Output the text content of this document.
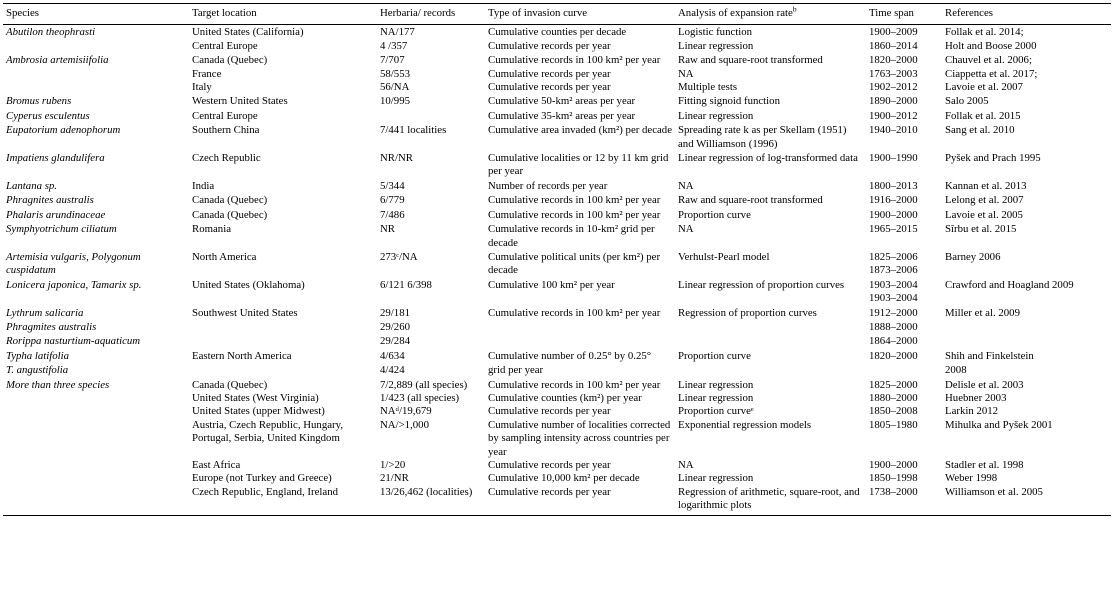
Species	Target location	Herbaria/ records	Type of invasion curve	Analysis of expansion rate$^b$	Time span	References
Abutilon theophrasti	United States (California)	NA/177	Cumulative counties per decade	Logistic function	1900–2009	Follak et al. 2014;
	Central Europe	4 /357	Cumulative records per year	Linear regression	1860–2014	Holt and Boose 2000
Ambrosia artemisiifolia	Canada (Quebec)	7/707	Cumulative records in 100 km² per year	Raw and square-root transformed	1820–2000	Chauvel et al. 2006;
	France	58/553	Cumulative records per year	NA	1763–2003	Ciappetta et al. 2017;
	Italy	56/NA	Cumulative records per year	Multiple tests	1902–2012	Lavoie et al. 2007
Bromus rubens	Western United States	10/995	Cumulative 50-km² areas per year	Fitting signoid function	1890–2000	Salo 2005
Cyperus esculentus	Central Europe		Cumulative 35-km² areas per year	Linear regression	1900–2012	Follak et al. 2015
Eupatorium adenophorum	Southern China	7/441 localities	Cumulative area invaded (km²) per decade	Spreading rate k as per Skellam (1951) and Williamson (1996)	1940–2010	Sang et al. 2010
Impatiens glandulifera	Czech Republic	NR/NR	Cumulative localities or 12 by 11 km grid per year	Linear regression of log-transformed data	1900–1990	Pyšek and Prach 1995
Lantana sp.	India	5/344	Number of records per year	NA	1800–2013	Kannan et al. 2013
Phragnites australis	Canada (Quebec)	6/779	Cumulative records in 100 km² per year	Raw and square-root transformed	1916–2000	Lelong et al. 2007
Phalaris arundinaceae	Canada (Quebec)	7/486	Cumulative records in 100 km² per year	Proportion curve	1900–2000	Lavoie et al. 2005
Symphyotrichum ciliatum	Romania	NR	Cumulative records in 10-km² grid per decade	NA	1965–2015	Sîrbu et al. 2015
Artemisia vulgaris, Polygonum cuspidatum	North America	273ᶜ/NA	Cumulative political units (per km²) per decade	Verhulst-Pearl model	1825–2006 1873–2006	Barney 2006
Lonicera japonica, Tamarix sp.	United States (Oklahoma)	6/121 6/398	Cumulative 100 km² per year	Linear regression of proportion curves	1903–2004 1903–2004	Crawford and Hoagland 2009
Lythrum salicaria	Southwest United States	29/181	Cumulative records in 100 km² per year	Regression of proportion curves	1912–2000	Miller et al. 2009
Phragmites australis		29/260			1888–2000	
Rorippa nasturtium-aquaticum		29/284			1864–2000	
Typha latifolia	Eastern North America	4/634	Cumulative number of 0.25° by 0.25°	Proportion curve	1820–2000	Shih and Finkelstein
T. angustifolia		4/424	grid per year			2008
More than three species	Canada (Quebec)	7/2,889 (all species)	Cumulative records in 100 km² per year	Linear regression	1825–2000	Delisle et al. 2003
	United States (West Virginia)	1/423 (all species)	Cumulative counties (km²) per year	Linear regression	1880–2000	Huebner 2003
	United States (upper Midwest)	NAᵈ/19,679	Cumulative records per year	Proportion curveᵉ	1850–2008	Larkin 2012
	Austria, Czech Republic, Hungary, Portugal, Serbia, United Kingdom	NA/>1,000	Cumulative number of localities corrected by sampling intensity across countries per year	Exponential regression models	1805–1980	Mihulka and Pyšek 2001
	East Africa	1/>20	Cumulative records per year	NA	1900–2000	Stadler et al. 1998
	Europe (not Turkey and Greece)	21/NR	Cumulative 10,000 km² per decade	Linear regression	1850–1998	Weber 1998
	Czech Republic, England, Ireland	13/26,462 (localities)	Cumulative records per year	Regression of arithmetic, square-root, and logarithmic plots	1738–2000	Williamson et al. 2005
